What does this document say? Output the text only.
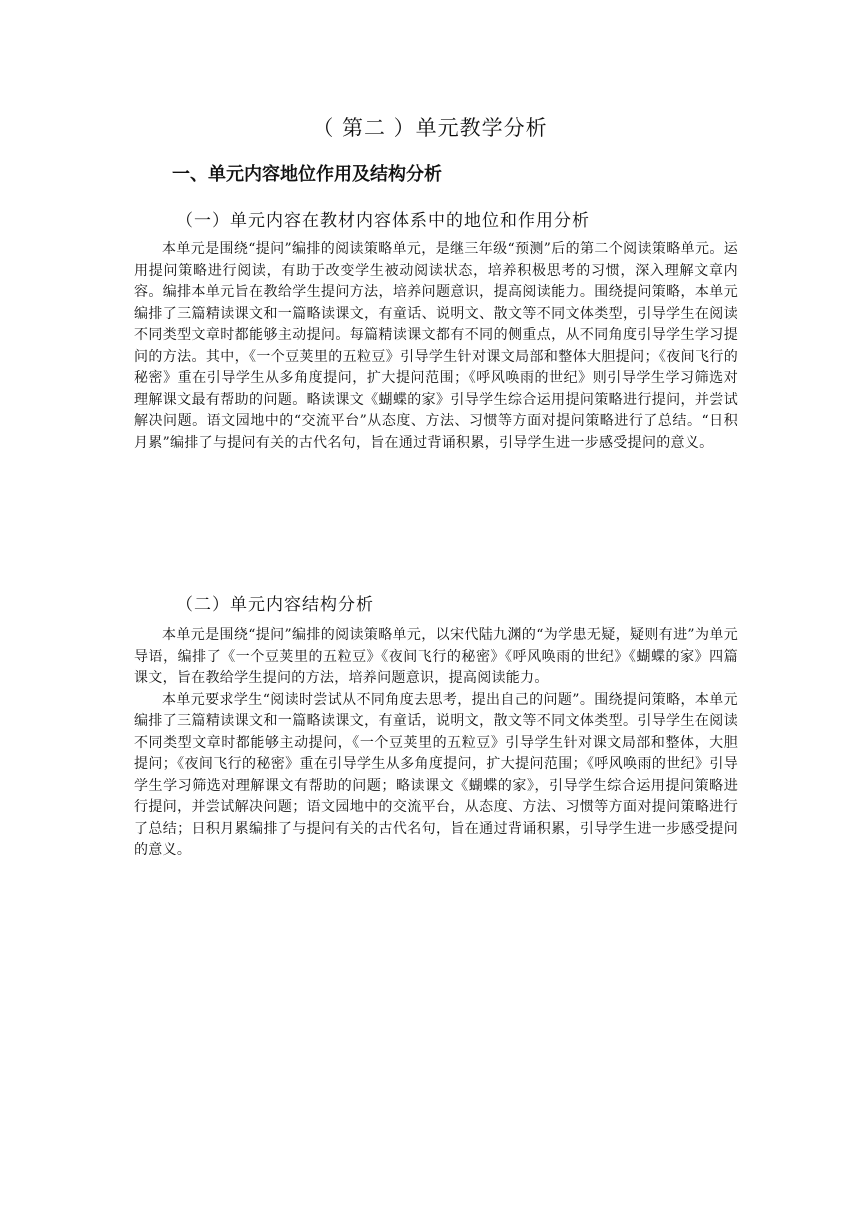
（ 第二 ）单元教学分析
一、单元内容地位作用及结构分析
（一）单元内容在教材内容体系中的地位和作用分析

本单元是围绕“提问”编排的阅读策略单元，是继三年级“预测”后的第二个阅读策略单元。运用提问策略进行阅读，有助于改变学生被动阅读状态，培养积极思考的习惯，深入理解文章内容。编排本单元旨在教给学生提问方法，培养问题意识，提高阅读能力。围绕提问策略，本单元编排了三篇精读课文和一篇略读课文，有童话、说明文、散文等不同文体类型，引导学生在阅读不同类型文章时都能够主动提问。每篇精读课文都有不同的侧重点，从不同角度引导学生学习提问的方法。其中，《一个豆荚里的五粒豆》引导学生针对课文局部和整体大胆提问；《夜间飞行的秘密》重在引导学生从多角度提问，扩大提问范围；《呼风唤雨的世纪》则引导学生学习筛选对理解课文最有帮助的问题。略读课文《蝴蝶的家》引导学生综合运用提问策略进行提问，并尝试解决问题。语文园地中的“交流平台”从态度、方法、习惯等方面对提问策略进行了总结。“日积月累”编排了与提问有关的古代名句，旨在通过背诵积累，引导学生进一步感受提问的意义。

（二）单元内容结构分析

本单元是围绕“提问”编排的阅读策略单元，以宋代陆九渊的“为学患无疑，疑则有进”为单元导语，编排了《一个豆荚里的五粒豆》《夜间飞行的秘密》《呼风唤雨的世纪》《蝴蝶的家》四篇课文，旨在教给学生提问的方法，培养问题意识，提高阅读能力。

本单元要求学生“阅读时尝试从不同角度去思考，提出自己的问题”。围绕提问策略，本单元编排了三篇精读课文和一篇略读课文，有童话，说明文，散文等不同文体类型。引导学生在阅读不同类型文章时都能够主动提问，《一个豆荚里的五粒豆》引导学生针对课文局部和整体，大胆提问；《夜间飞行的秘密》重在引导学生从多角度提问，扩大提问范围；《呼风唤雨的世纪》引导学生学习筛选对理解课文有帮助的问题；略读课文《蝴蝶的家》，引导学生综合运用提问策略进行提问，并尝试解决问题；语文园地中的交流平台，从态度、方法、习惯等方面对提问策略进行了总结；日积月累编排了与提问有关的古代名句，旨在通过背诵积累，引导学生进一步感受提问的意义。
